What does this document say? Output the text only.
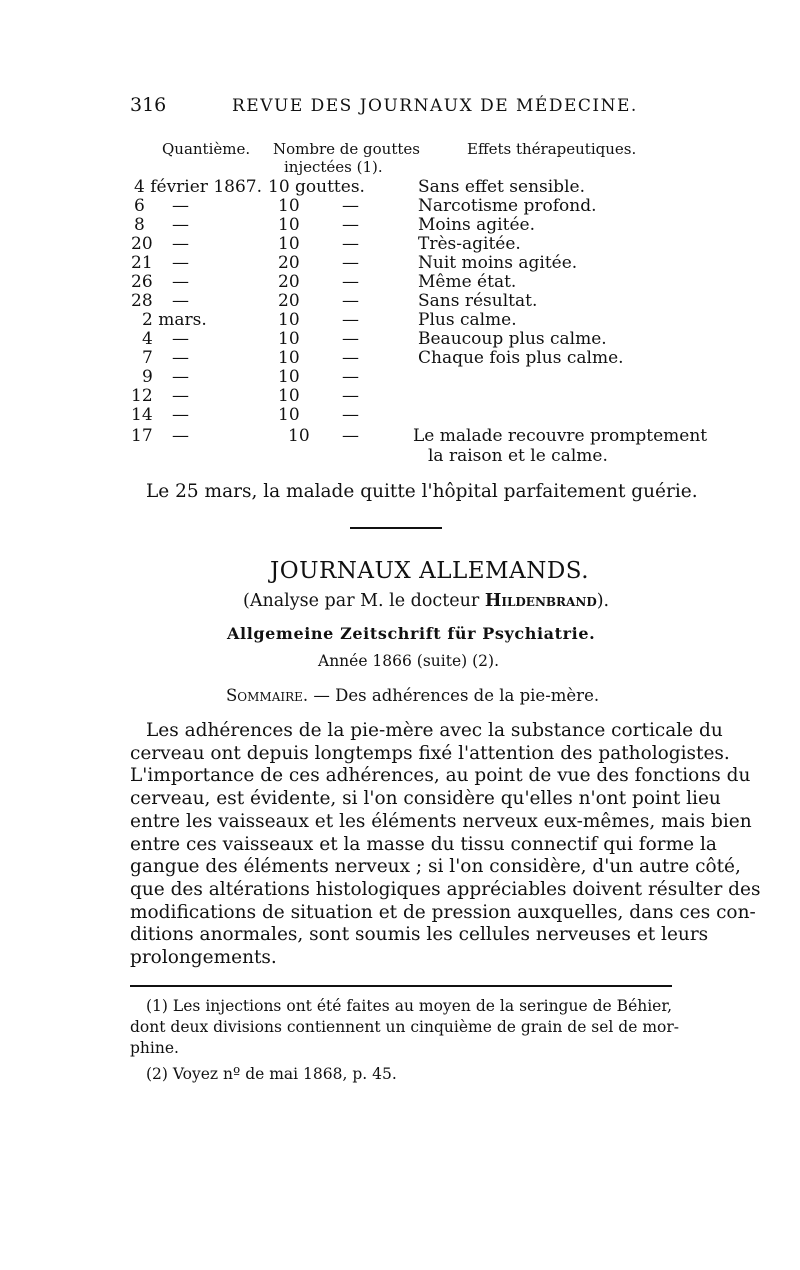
316	REVUE DES JOURNAUX DE MÉDECINE.
Quantième. Nombre de gouttes
injectées (1).
Effets thérapeutiques.
4 février 1867. 10 gouttes.	Sans effet sensible.
6 —	10 —	Narcotisme profond.
8 —	10 —	Moins agitée.
20 —	10 —	Très-agitée.
21 —	20 —	Nuit moins agitée.
26 —	20 —	Même état.
28 —	20 —	Sans résultat.
2 mars.	10 —	Plus calme.
4 —	10 —	Beaucoup plus calme.
7 —	10 —	Chaque fois plus calme.
9 —	10 —
12 —	10 —
14 —	10 —
17 —	10 —	Le malade recouvre promptement
la raison et le calme.
Le 25 mars, la malade quitte l'hôpital parfaitement guérie.
JOURNAUX ALLEMANDS.
(Analyse par M. le docteur Hildenbrand).
Allgemeine Zeitschrift für Psychiatrie.
Année 1866 (suite) (2).
Sommaire. — Des adhérences de la pie-mère.
Les adhérences de la pie-mère avec la substance corticale du
cerveau ont depuis longtemps fixé l'attention des pathologistes.
L'importance de ces adhérences, au point de vue des fonctions du
cerveau, est évidente, si l'on considère qu'elles n'ont point lieu
entre les vaisseaux et les éléments nerveux eux-mêmes, mais bien
entre ces vaisseaux et la masse du tissu connectif qui forme la
gangue des éléments nerveux ; si l'on considère, d'un autre côté,
que des altérations histologiques appréciables doivent résulter des
modifications de situation et de pression auxquelles, dans ces con-
ditions anormales, sont soumis les cellules nerveuses et leurs
prolongements.
(1) Les injections ont été faites au moyen de la seringue de Béhier,
dont deux divisions contiennent un cinquième de grain de sel de mor-
phine.
(2) Voyez nº de mai 1868, p. 45.
